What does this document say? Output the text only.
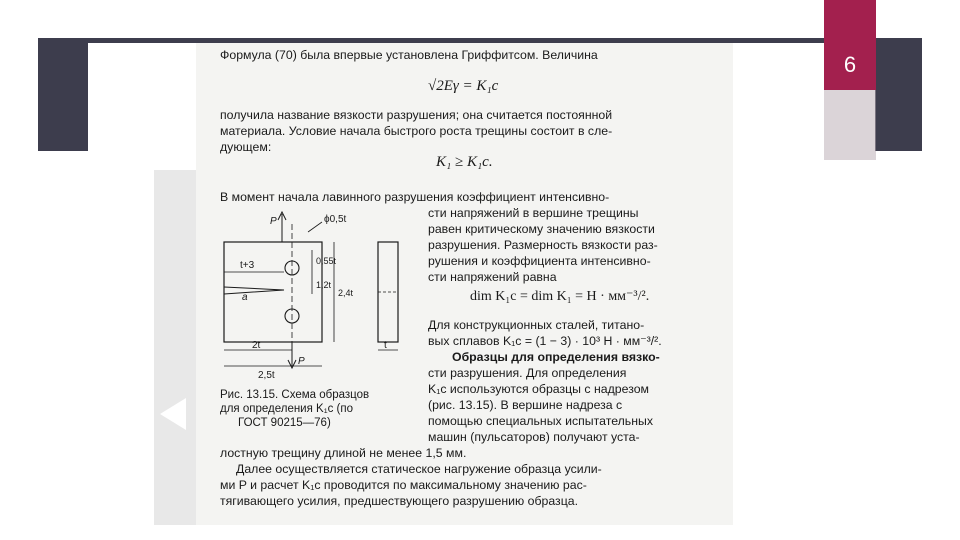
6
Формула (70) была впервые установлена Гриффитсом. Величина
√2Eγ = K₁c
получила название вязкости разрушения; она считается постоянной
материала. Условие начала быстрого роста трещины состоит в сле-
дующем:
K₁ ≥ K₁c.
В момент начала лавинного разрушения коэффициент интенсивно-
сти напряжений в вершине трещины
равен критическому значению вязкости
разрушения. Размерность вязкости раз-
рушения и коэффициента интенсивно-
сти напряжений равна
dim K₁c = dim K₁ = Н · мм⁻³/².
Для конструкционных сталей, титано-
вых сплавов K₁c = (1 − 3) · 10³ Н · мм⁻³/².
Образцы для определения вязко-
сти разрушения. Для определения
K₁c используются образцы с надрезом
(рис. 13.15). В вершине надреза с
помощью специальных испытательных
машин (пульсаторов) получают уста-
Рис. 13.15. Схема образцов
для определения K₁c (по
ГОСТ 90215—76)
лостную трещину длиной не менее 1,5 мм.
Далее осуществляется статическое нагружение образца усили-
ми P и расчет K₁c проводится по максимальному значению рас-
тягивающего усилия, предшествующего разрушению образца.
P
P
ϕ0,5t
t+3
a
0,55t
2,4t
1,2t
2t
2,5t
t
